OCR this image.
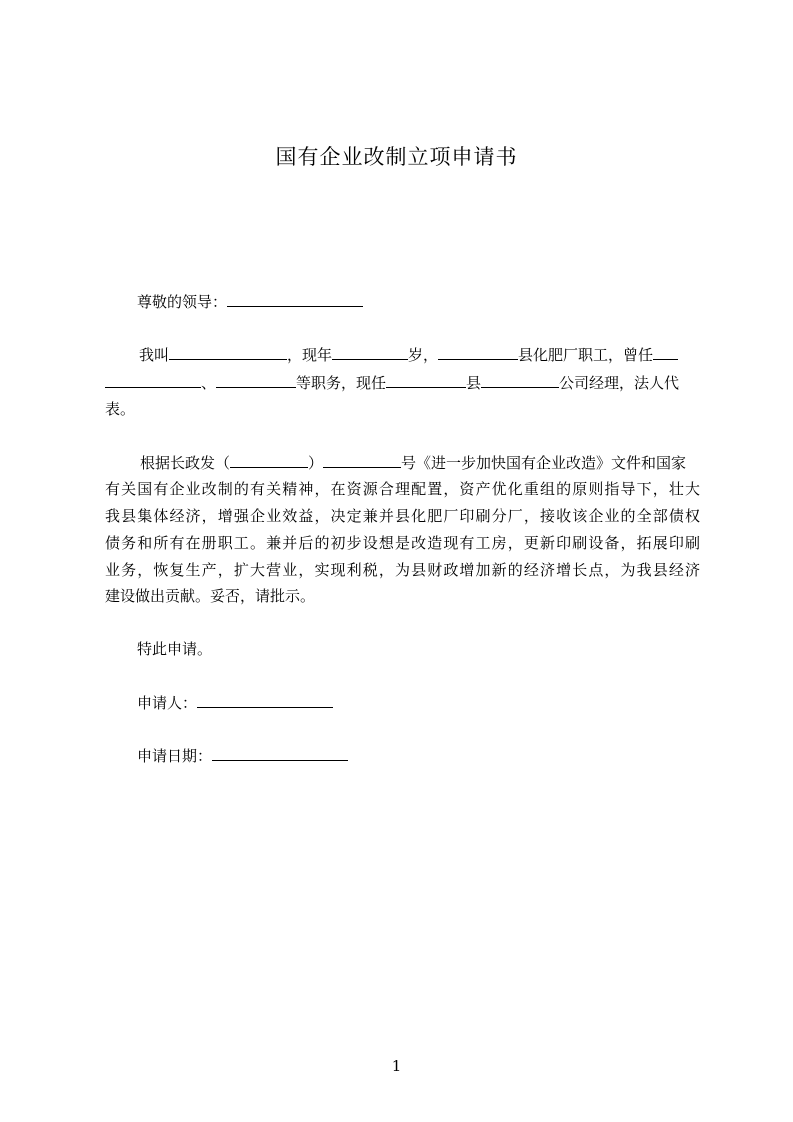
国有企业改制立项申请书
尊敬的领导：
我叫	，现年	岁，	县化肥厂职工，曾任
、	等职务，现任	县	公司经理，法人代
表。
根据长政发（	）	号《进一步加快国有企业改造》文件和国家
有关国有企业改制的有关精神，在资源合理配置，资产优化重组的原则指导下，壮大
我县集体经济，增强企业效益，决定兼并县化肥厂印刷分厂，接收该企业的全部债权
债务和所有在册职工。兼并后的初步设想是改造现有工房，更新印刷设备，拓展印刷
业务，恢复生产，扩大营业，实现利税，为县财政增加新的经济增长点，为我县经济
建设做出贡献。妥否，请批示。
特此申请。
申请人：
申请日期：
1
